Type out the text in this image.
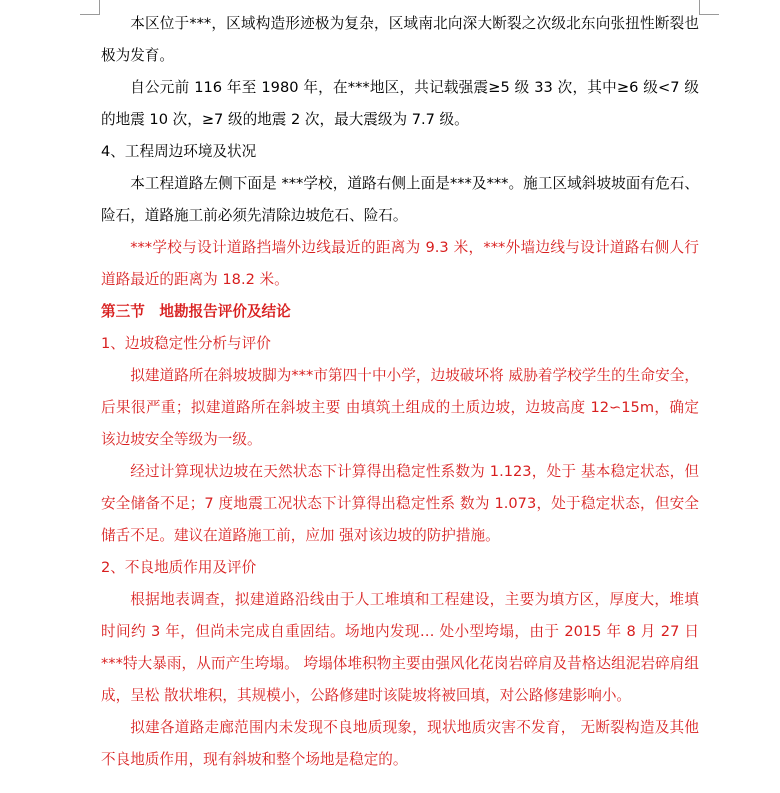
本区位于***，区域构造形迹极为复杂，区域南北向深大断裂之次级北东向张扭性断裂也极为发育。

自公元前 116 年至 1980 年，在***地区，共记载强震≥5 级 33 次，其中≥6 级<7 级的地震 10 次，≥7 级的地震 2 次，最大震级为 7.7 级。

4、工程周边环境及状况

本工程道路左侧下面是 ***学校，道路右侧上面是***及***。施工区域斜坡坡面有危石、险石，道路施工前必须先清除边坡危石、险石。

***学校与设计道路挡墙外边线最近的距离为 9.3 米，***外墙边线与设计道路右侧人行道路最近的距离为 18.2 米。

第三节　地勘报告评价及结论

1、边坡稳定性分析与评价

拟建道路所在斜坡坡脚为***市第四十中小学，边坡破坏将 威胁着学校学生的生命安全，后果很严重；拟建道路所在斜坡主要 由填筑土组成的土质边坡，边坡高度 12∽15m，确定该边坡安全等级为一级。

经过计算现状边坡在天然状态下计算得出稳定性系数为 1.123，处于 基本稳定状态，但安全储备不足；7 度地震工况状态下计算得出稳定性系 数为 1.073，处于稳定状态，但安全储舌不足。建议在道路施工前，应加 强对该边坡的防护措施。

2、不良地质作用及评价

根据地表调查，拟建道路沿线由于人工堆填和工程建设，主要为填方区，厚度大，堆填时间约 3 年，但尚未完成自重固结。场地内发现… 处小型垮塌，由于 2015 年 8 月 27 日***特大暴雨，从而产生垮塌。 垮塌体堆积物主要由强风化花岗岩碎肩及昔格达组泥岩碎肩组成，呈松 散状堆积，其规模小，公路修建时该陡坡将被回填，对公路修建影响小。

拟建各道路走廊范围内未发现不良地质现象，现状地质灾害不发育， 无断裂构造及其他不良地质作用，现有斜坡和整个场地是稳定的。
